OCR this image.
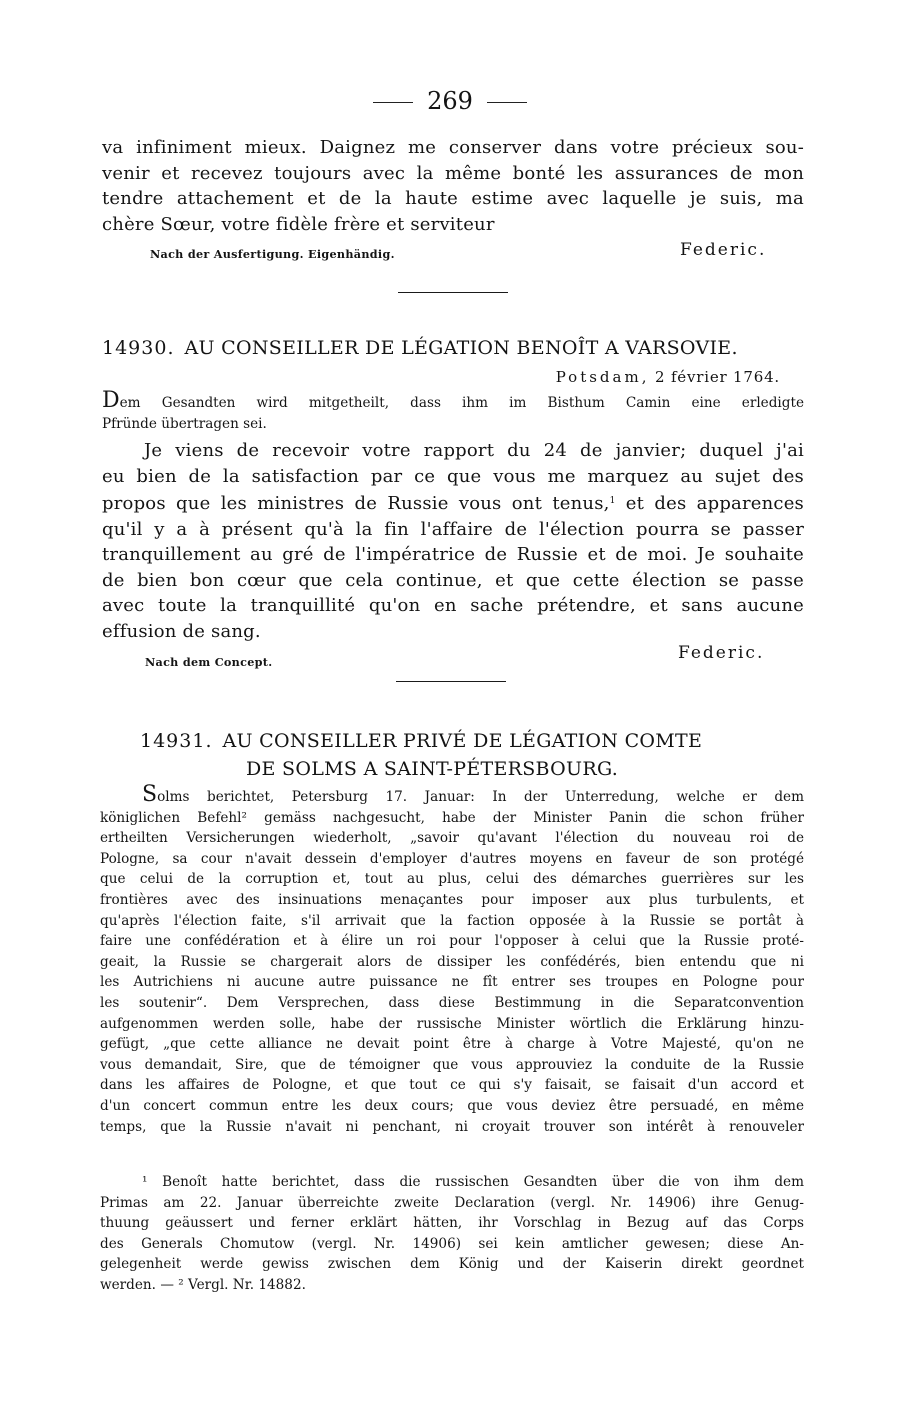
269
va infiniment mieux. Daignez me conserver dans votre précieux sou-
venir et recevez toujours avec la même bonté les assurances de mon
tendre attachement et de la haute estime avec laquelle je suis, ma
chère Sœur, votre fidèle frère et serviteur
Nach der Ausfertigung. Eigenhändig.	Federic.
14930. AU CONSEILLER DE LÉGATION BENOÎT A VARSOVIE.
Potsdam, 2 février 1764.
Dem Gesandten wird mitgetheilt, dass ihm im Bisthum Camin eine erledigte
Pfründe übertragen sei.
Je viens de recevoir votre rapport du 24 de janvier; duquel j'ai
eu bien de la satisfaction par ce que vous me marquez au sujet des
propos que les ministres de Russie vous ont tenus,$^1$ et des apparences
qu'il y a à présent qu'à la fin l'affaire de l'élection pourra se passer
tranquillement au gré de l'impératrice de Russie et de moi. Je souhaite
de bien bon cœur que cela continue, et que cette élection se passe
avec toute la tranquillité qu'on en sache prétendre, et sans aucune
effusion de sang.
Nach dem Concept.	Federic.
14931. AU CONSEILLER PRIVÉ DE LÉGATION COMTE
DE SOLMS A SAINT-PÉTERSBOURG.
Solms berichtet, Petersburg 17. Januar: In der Unterredung, welche er dem
königlichen Befehl² gemäss nachgesucht, habe der Minister Panin die schon früher
ertheilten Versicherungen wiederholt, „savoir qu'avant l'élection du nouveau roi de
Pologne, sa cour n'avait dessein d'employer d'autres moyens en faveur de son protégé
que celui de la corruption et, tout au plus, celui des démarches guerrières sur les
frontières avec des insinuations menaçantes pour imposer aux plus turbulents, et
qu'après l'élection faite, s'il arrivait que la faction opposée à la Russie se portât à
faire une confédération et à élire un roi pour l'opposer à celui que la Russie proté-
geait, la Russie se chargerait alors de dissiper les confédérés, bien entendu que ni
les Autrichiens ni aucune autre puissance ne fît entrer ses troupes en Pologne pour
les soutenir“. Dem Versprechen, dass diese Bestimmung in die Separatconvention
aufgenommen werden solle, habe der russische Minister wörtlich die Erklärung hinzu-
gefügt, „que cette alliance ne devait point être à charge à Votre Majesté, qu'on ne
vous demandait, Sire, que de témoigner que vous approuviez la conduite de la Russie
dans les affaires de Pologne, et que tout ce qui s'y faisait, se faisait d'un accord et
d'un concert commun entre les deux cours; que vous deviez être persuadé, en même
temps, que la Russie n'avait ni penchant, ni croyait trouver son intérêt à renouveler
¹ Benoît hatte berichtet, dass die russischen Gesandten über die von ihm dem
Primas am 22. Januar überreichte zweite Declaration (vergl. Nr. 14906) ihre Genug-
thuung geäussert und ferner erklärt hätten, ihr Vorschlag in Bezug auf das Corps
des Generals Chomutow (vergl. Nr. 14906) sei kein amtlicher gewesen; diese An-
gelegenheit werde gewiss zwischen dem König und der Kaiserin direkt geordnet
werden. — ² Vergl. Nr. 14882.
